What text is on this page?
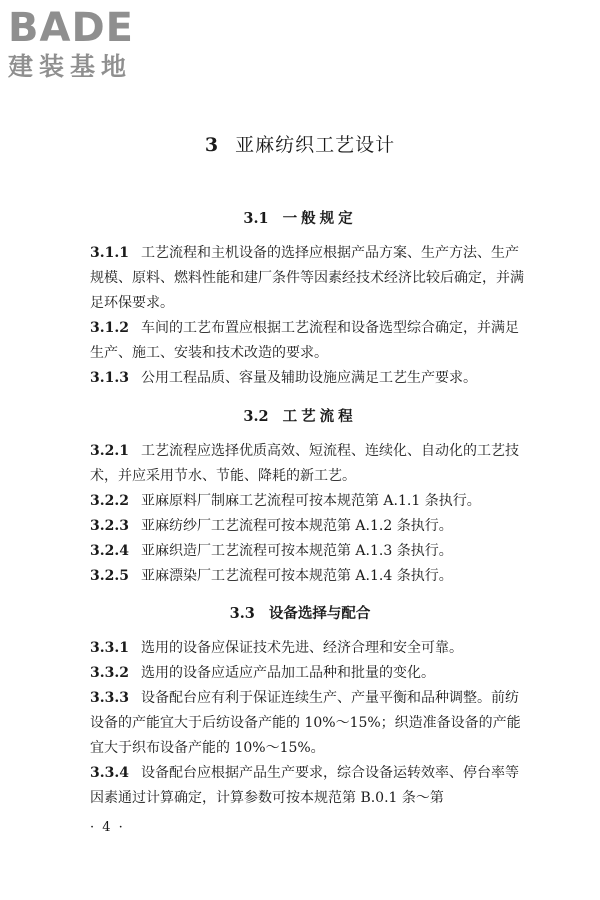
BADE
建装基地
3 亚麻纺织工艺设计
3.1 一般规定
3.1.1 工艺流程和主机设备的选择应根据产品方案、生产方法、生产规模、原料、燃料性能和建厂条件等因素经技术经济比较后确定，并满足环保要求。
3.1.2 车间的工艺布置应根据工艺流程和设备选型综合确定，并满足生产、施工、安装和技术改造的要求。
3.1.3 公用工程品质、容量及辅助设施应满足工艺生产要求。
3.2 工艺流程
3.2.1 工艺流程应选择优质高效、短流程、连续化、自动化的工艺技术，并应采用节水、节能、降耗的新工艺。
3.2.2 亚麻原料厂制麻工艺流程可按本规范第 A.1.1 条执行。
3.2.3 亚麻纺纱厂工艺流程可按本规范第 A.1.2 条执行。
3.2.4 亚麻织造厂工艺流程可按本规范第 A.1.3 条执行。
3.2.5 亚麻漂染厂工艺流程可按本规范第 A.1.4 条执行。
3.3 设备选择与配合
3.3.1 选用的设备应保证技术先进、经济合理和安全可靠。
3.3.2 选用的设备应适应产品加工品种和批量的变化。
3.3.3 设备配台应有利于保证连续生产、产量平衡和品种调整。前纺设备的产能宜大于后纺设备产能的 10%～15%；织造准备设备的产能宜大于织布设备产能的 10%～15%。
3.3.4 设备配台应根据产品生产要求，综合设备运转效率、停台率等因素通过计算确定，计算参数可按本规范第 B.0.1 条～第
· 4 ·
